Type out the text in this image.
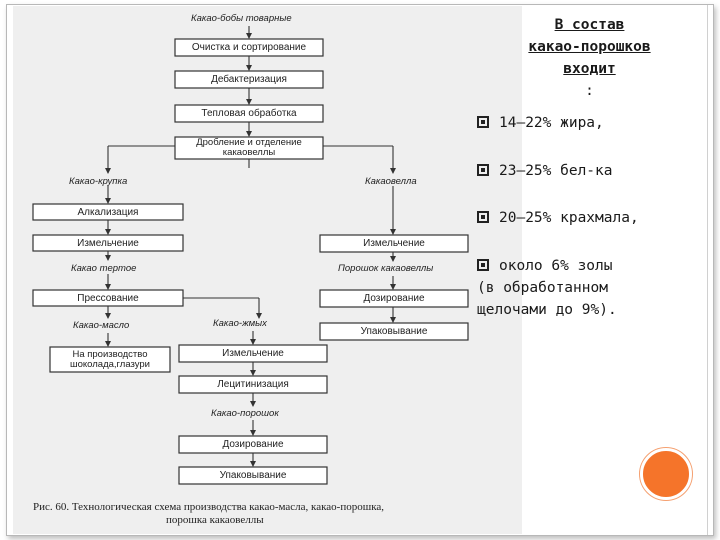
Какао-бобы товарные
Очистка и сортирование
Дебактеризация
Тепловая обработка
Дробление и отделение какаовеллы
Какао-крупка	Какаовелла
Алкализация
Измельчение
Какао тертое
Прессование
Какао-масло
На производство шоколада,глазури
Какао-жмых
Измельчение
Лецитинизация
Какао-порошок
Дозирование
Упаковывание
Измельчение
Порошок какаовеллы
Дозирование
Упаковывание
Рис. 60. Технологическая схема производства какао-масла, какао-порошка,
порошка какаовеллы
В состав
какао-порошков
входит
:
14—22% жира,
23—25% бел-ка
20—25% крахмала,
около 6% золы
(в обработанном
щелочами до 9%).
